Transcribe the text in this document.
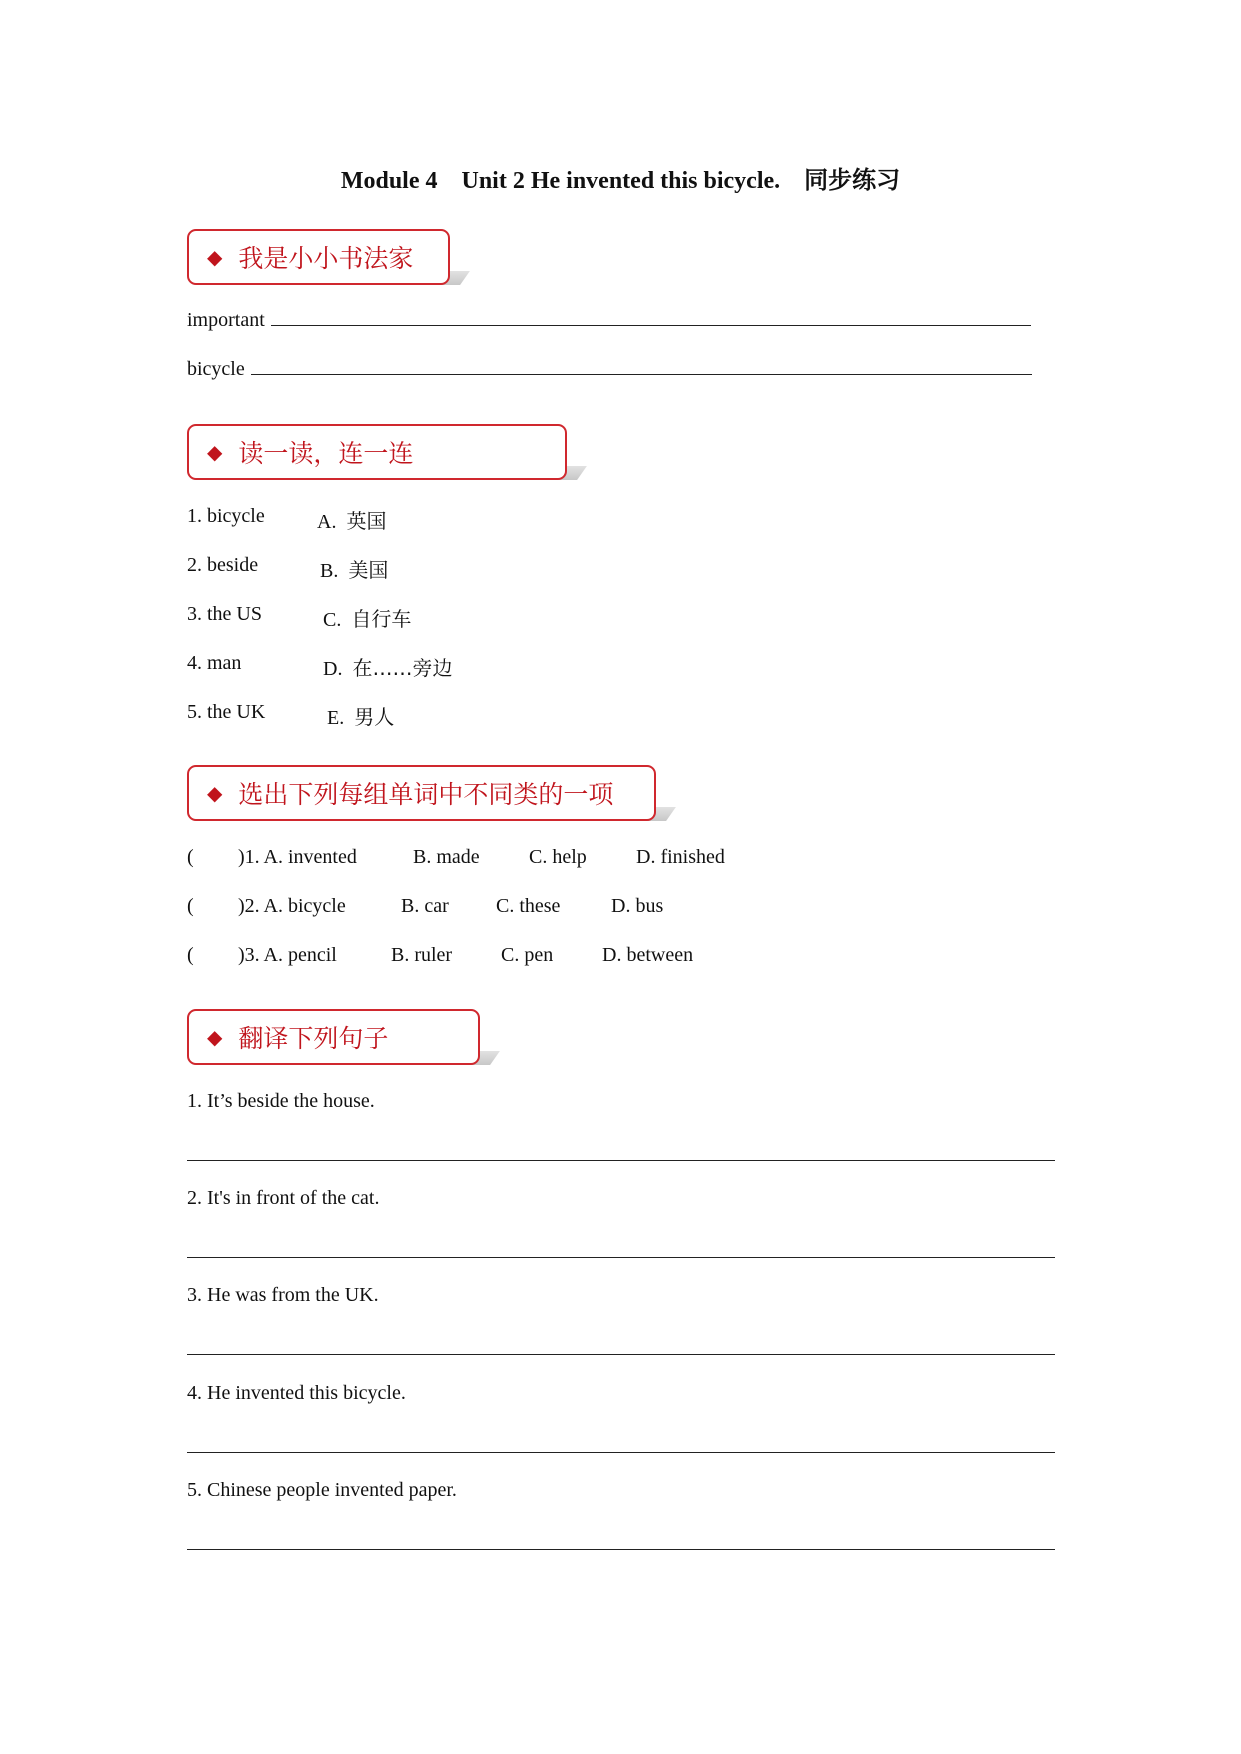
Module 4 Unit 2 He invented this bicycle. 同步练习
◆ 我是小小书法家
important
bicycle
◆ 读一读，连一连
1. bicycle
2. beside
3. the US
4. man
5. the UK
A. 英国
B. 美国
C. 自行车
D. 在……旁边
E. 男人
◆ 选出下列每组单词中不同类的一项
( )1. A. invented	B. made C. help D. finished
( )2. A. bicycle	B. car C. these	D. bus
( )3. A. pencil	B. ruler C. pen D. between
◆ 翻译下列句子
1. It’s beside the house.
2. It's in front of the cat.
3. He was from the UK.
4. He invented this bicycle.
5. Chinese people invented paper.
